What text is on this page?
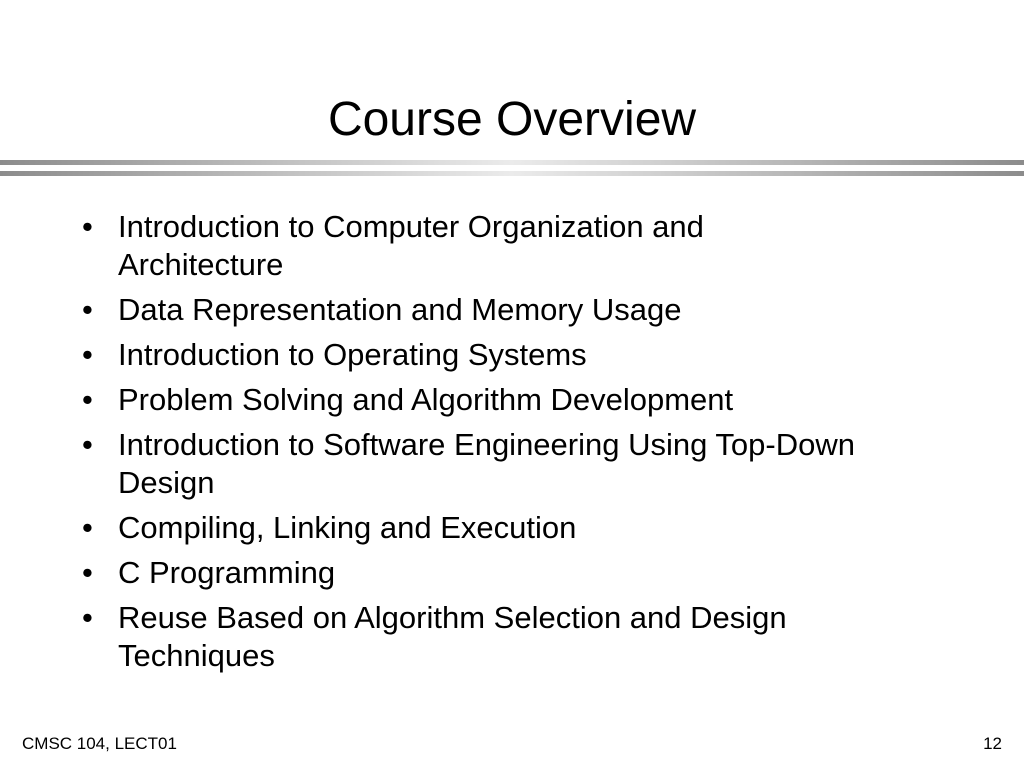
Course Overview
• Introduction to Computer Organization and Architecture
• Data Representation and Memory Usage
• Introduction to Operating Systems
• Problem Solving and Algorithm Development
• Introduction to Software Engineering Using Top-Down Design
• Compiling, Linking and Execution
• C Programming
• Reuse Based on Algorithm Selection and Design Techniques
CMSC 104, LECT01	12
